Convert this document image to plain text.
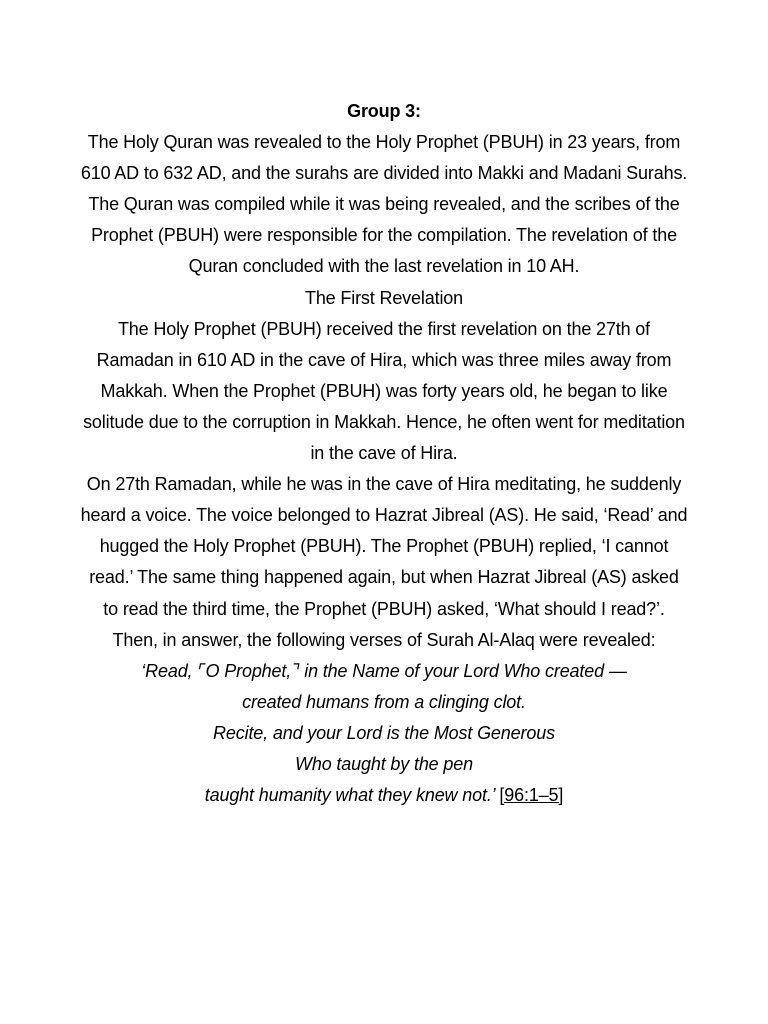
Group 3:

The Holy Quran was revealed to the Holy Prophet (PBUH) in 23 years, from 610 AD to 632 AD, and the surahs are divided into Makki and Madani Surahs. The Quran was compiled while it was being revealed, and the scribes of the Prophet (PBUH) were responsible for the compilation. The revelation of the Quran concluded with the last revelation in 10 AH.

The First Revelation

The Holy Prophet (PBUH) received the first revelation on the 27th of Ramadan in 610 AD in the cave of Hira, which was three miles away from Makkah. When the Prophet (PBUH) was forty years old, he began to like solitude due to the corruption in Makkah. Hence, he often went for meditation in the cave of Hira.

On 27th Ramadan, while he was in the cave of Hira meditating, he suddenly heard a voice. The voice belonged to Hazrat Jibreal (AS). He said, ‘Read’ and hugged the Holy Prophet (PBUH). The Prophet (PBUH) replied, ‘I cannot read.’ The same thing happened again, but when Hazrat Jibreal (AS) asked to read the third time, the Prophet (PBUH) asked, ‘What should I read?’.

Then, in answer, the following verses of Surah Al-Alaq were revealed:

‘Read, ⌜O Prophet,⌝ in the Name of your Lord Who created —

created humans from a clinging clot.

Recite, and your Lord is the Most Generous

Who taught by the pen

taught humanity what they knew not.’ [96:1–5]
